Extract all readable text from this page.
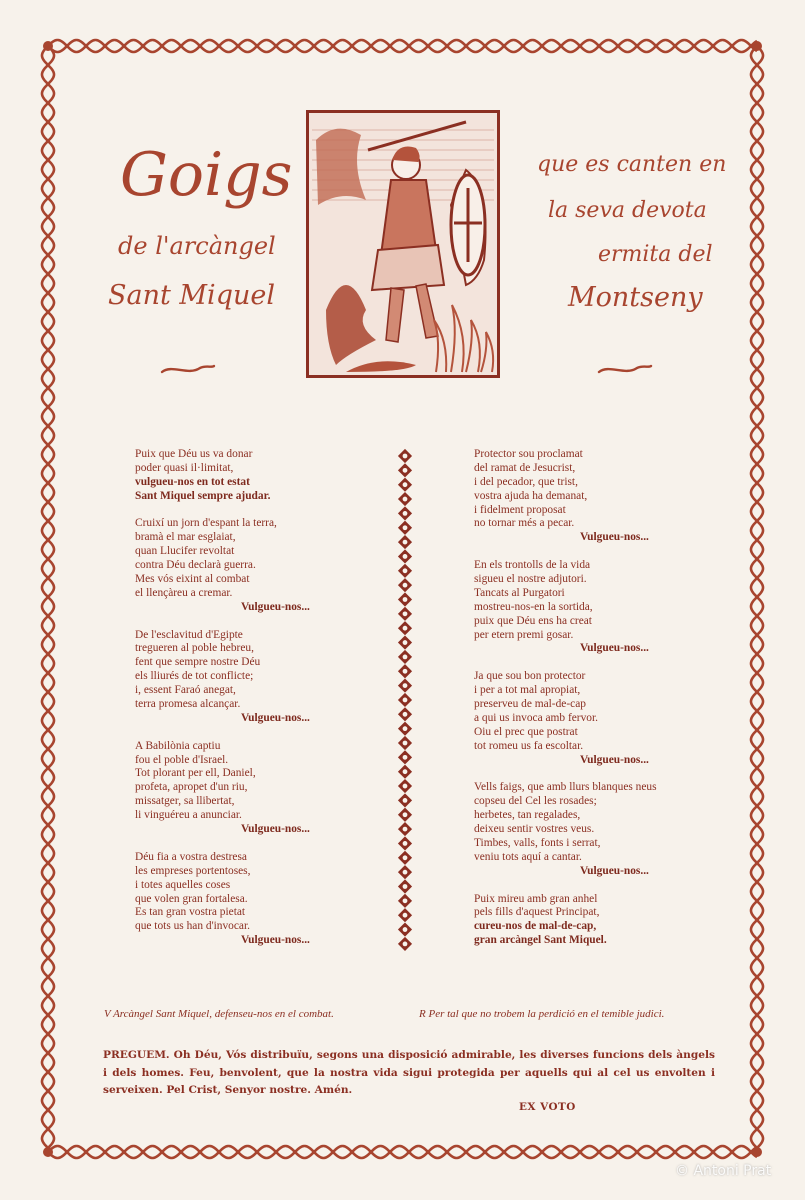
Goigs
de l'arcàngel
Sant Miquel
que es canten en
la seva devota
ermita del
Montseny
Puix que Déu us va donar
poder quasi il·limitat,
vulgueu-nos en tot estat
Sant Miquel sempre ajudar.
Cruixí un jorn d'espant la terra,
bramà el mar esglaiat,
quan Llucifer revoltat
contra Déu declarà guerra.
Mes vós eixint al combat
el llençàreu a cremar.
Vulgueu-nos...
De l'esclavitud d'Egipte
tregueren al poble hebreu,
fent que sempre nostre Déu
els lliurés de tot conflicte;
i, essent Faraó anegat,
terra promesa alcançar.
Vulgueu-nos...
A Babilònia captiu
fou el poble d'Israel.
Tot plorant per ell, Daniel,
profeta, apropet d'un riu,
missatger, sa llibertat,
li vinguéreu a anunciar.
Vulgueu-nos...
Déu fia a vostra destresa
les empreses portentoses,
i totes aquelles coses
que volen gran fortalesa.
Es tan gran vostra pietat
que tots us han d'invocar.
Vulgueu-nos...
Protector sou proclamat
del ramat de Jesucrist,
i del pecador, que trist,
vostra ajuda ha demanat,
i fidelment proposat
no tornar més a pecar.
Vulgueu-nos...
En els trontolls de la vida
sigueu el nostre adjutori.
Tancats al Purgatori
mostreu-nos-en la sortida,
puix que Déu ens ha creat
per etern premi gosar.
Vulgueu-nos...
Ja que sou bon protector
i per a tot mal apropiat,
preserveu de mal-de-cap
a qui us invoca amb fervor.
Oiu el prec que postrat
tot romeu us fa escoltar.
Vulgueu-nos...
Vells faigs, que amb llurs blanques neus
copseu del Cel les rosades;
herbetes, tan regalades,
deixeu sentir vostres veus.
Timbes, valls, fonts i serrat,
veniu tots aquí a cantar.
Vulgueu-nos...
Puix mireu amb gran anhel
pels fills d'aquest Principat,
cureu-nos de mal-de-cap,
gran arcàngel Sant Miquel.
V Arcàngel Sant Miquel, defenseu-nos en el combat.	R Per tal que no trobem la perdició en el temible judici.
PREGUEM. Oh Déu, Vós distribuïu, segons una disposició admirable, les diverses funcions dels àngels i dels homes. Feu, benvolent, que la nostra vida sigui protegida per aquells qui al cel us envolten i serveixen. Pel Crist, Senyor nostre. Amén.
EX VOTO
© Antoni Prat
